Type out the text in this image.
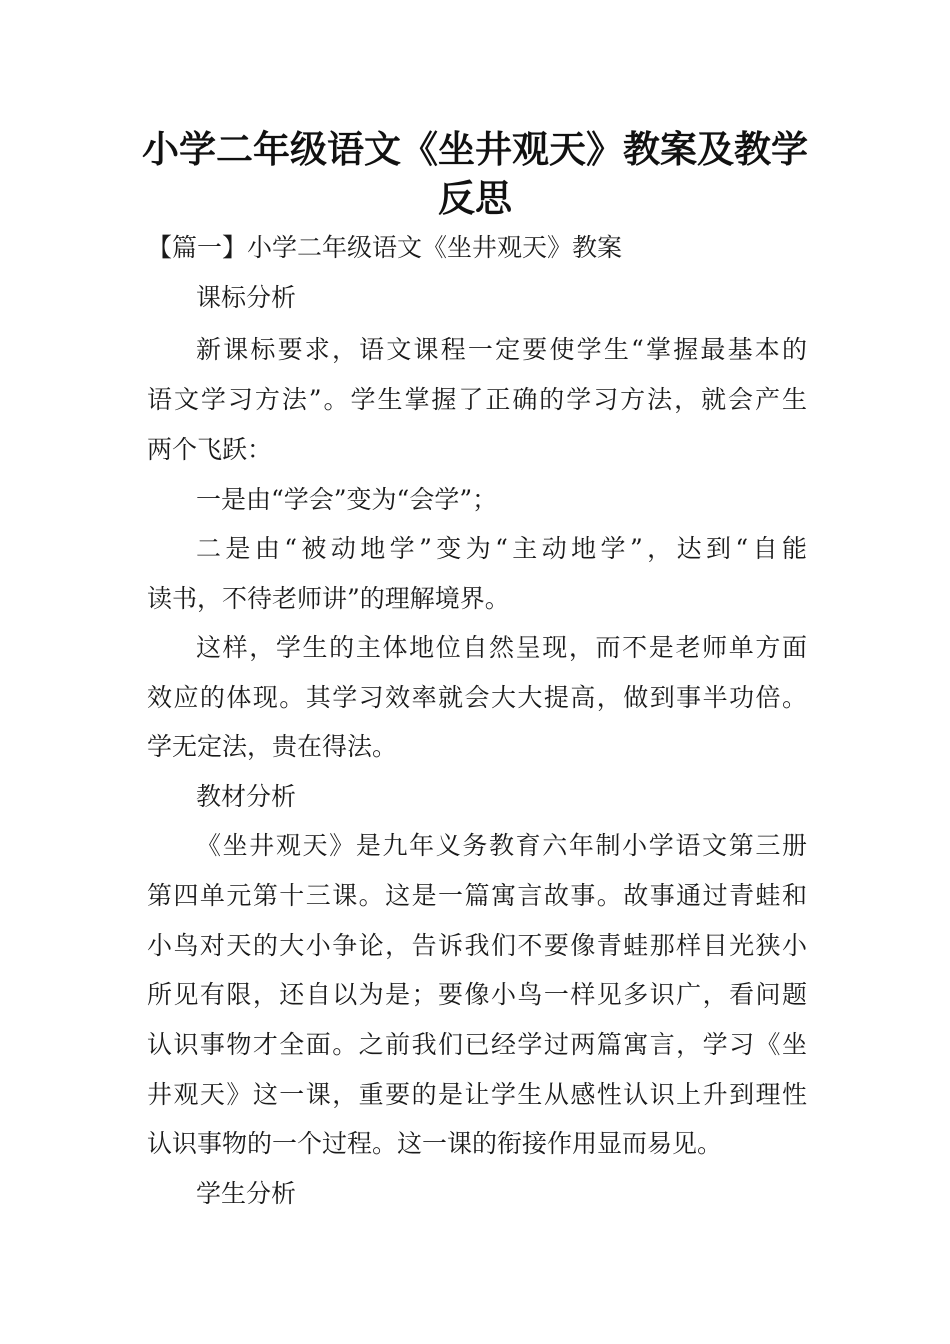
小学二年级语文《坐井观天》教案及教学
反思
【篇一】小学二年级语文《坐井观天》教案
课标分析
新课标要求，语文课程一定要使学生“掌握最基本的
语文学习方法”。学生掌握了正确的学习方法，就会产生
两个飞跃：
一是由“学会”变为“会学”；
二是由“被动地学”变为“主动地学”，达到“自能
读书，不待老师讲”的理解境界。
这样，学生的主体地位自然呈现，而不是老师单方面
效应的体现。其学习效率就会大大提高，做到事半功倍。
学无定法，贵在得法。
教材分析
《坐井观天》是九年义务教育六年制小学语文第三册
第四单元第十三课。这是一篇寓言故事。故事通过青蛙和
小鸟对天的大小争论，告诉我们不要像青蛙那样目光狭小
所见有限，还自以为是；要像小鸟一样见多识广，看问题
认识事物才全面。之前我们已经学过两篇寓言，学习《坐
井观天》这一课，重要的是让学生从感性认识上升到理性
认识事物的一个过程。这一课的衔接作用显而易见。
学生分析
